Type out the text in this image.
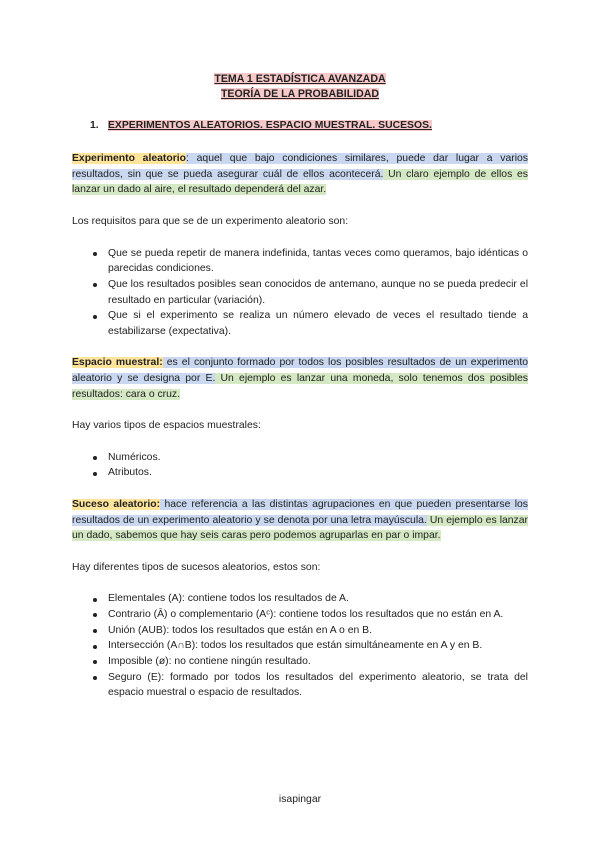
TEMA 1 ESTADÍSTICA AVANZADA

TEORÍA DE LA PROBABILIDAD

1. EXPERIMENTOS ALEATORIOS. ESPACIO MUESTRAL. SUCESOS.

Experimento aleatorio: aquel que bajo condiciones similares, puede dar lugar a varios resultados, sin que se pueda asegurar cuál de ellos acontecerá. Un claro ejemplo de ellos es lanzar un dado al aire, el resultado dependerá del azar.

Los requisitos para que se de un experimento aleatorio son:

Que se pueda repetir de manera indefinida, tantas veces como queramos, bajo idénticas o parecidas condiciones.
Que los resultados posibles sean conocidos de antemano, aunque no se pueda predecir el resultado en particular (variación).
Que si el experimento se realiza un número elevado de veces el resultado tiende a estabilizarse (expectativa).

Espacio muestral: es el conjunto formado por todos los posibles resultados de un experimento aleatorio y se designa por E. Un ejemplo es lanzar una moneda, solo tenemos dos posibles resultados: cara o cruz.

Hay varios tipos de espacios muestrales:

Numéricos.
Atributos.

Suceso aleatorio: hace referencia a las distintas agrupaciones en que pueden presentarse los resultados de un experimento aleatorio y se denota por una letra mayúscula. Un ejemplo es lanzar un dado, sabemos que hay seis caras pero podemos agruparlas en par o impar.

Hay diferentes tipos de sucesos aleatorios, estos son:

Elementales (A): contiene todos los resultados de A.
Contrario (Ā) o complementario (Aᶜ): contiene todos los resultados que no están en A.
Unión (AUB): todos los resultados que están en A o en B.
Intersección (A∩B): todos los resultados que están simultáneamente en A y en B.
Imposible (ø): no contiene ningún resultado.
Seguro (E): formado por todos los resultados del experimento aleatorio, se trata del espacio muestral o espacio de resultados.
isapingar
